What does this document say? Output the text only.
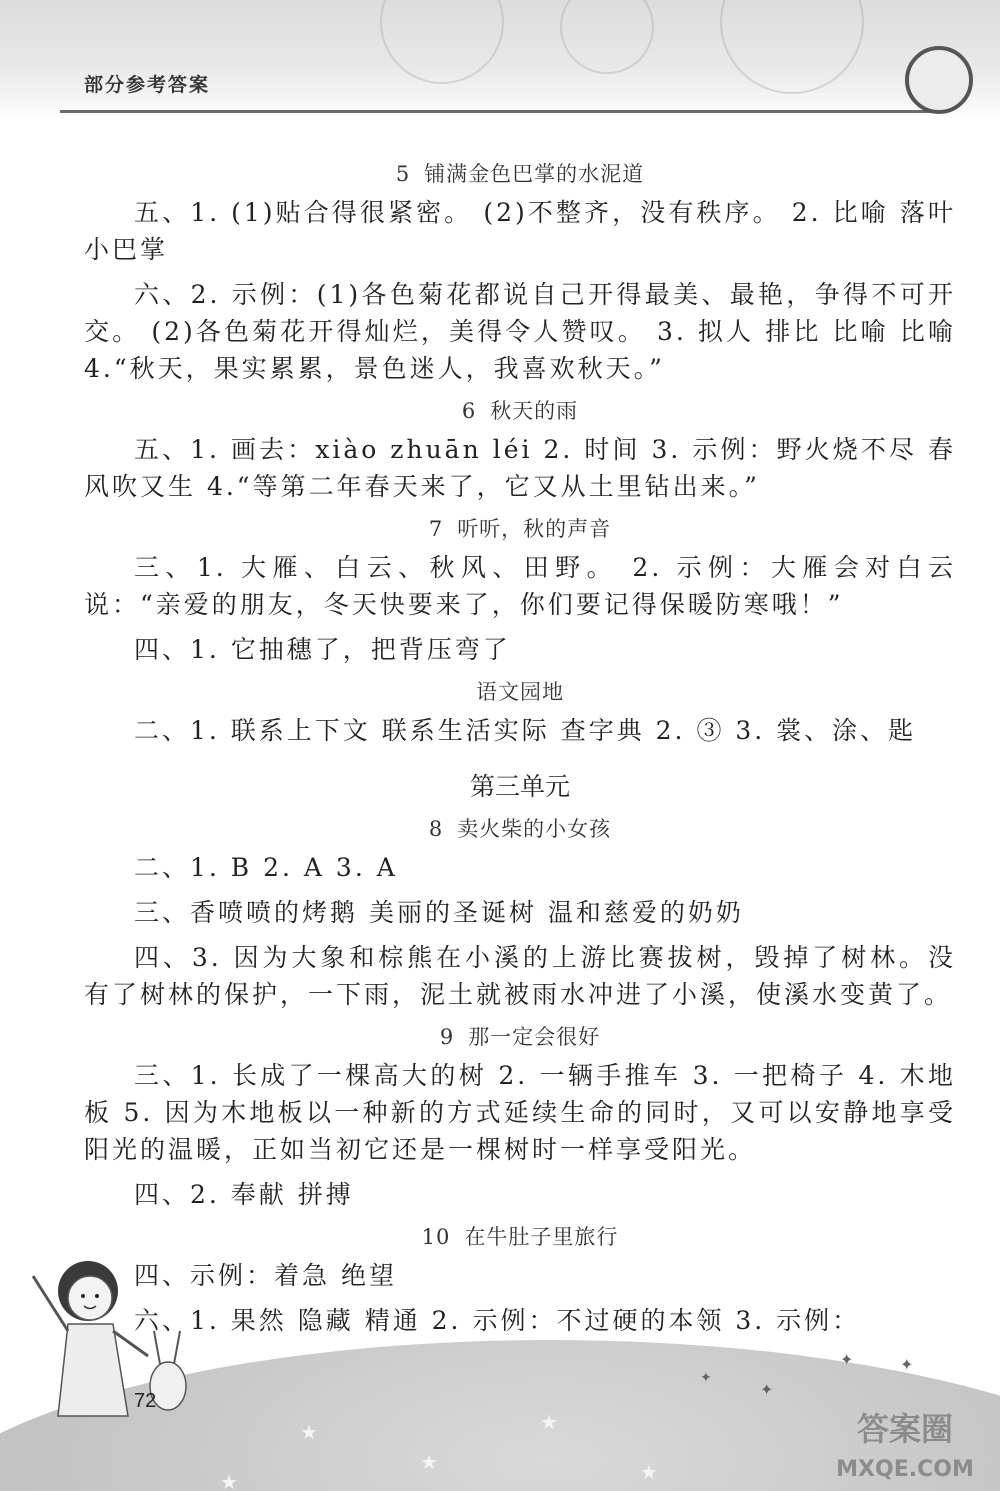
部分参考答案
5 铺满金色巴掌的水泥道
五、1. (1)贴合得很紧密。 (2)不整齐，没有秩序。 2. 比喻 落叶 小巴掌
六、2. 示例：(1)各色菊花都说自己开得最美、最艳，争得不可开交。 (2)各色菊花开得灿烂，美得令人赞叹。 3. 拟人 排比 比喻 比喻 4.“秋天，果实累累，景色迷人，我喜欢秋天。”
6 秋天的雨
五、1. 画去：xiào zhuān léi 2. 时间 3. 示例：野火烧不尽 春风吹又生 4.“等第二年春天来了，它又从土里钻出来。”
7 听听，秋的声音
三、1. 大雁、白云、秋风、田野。 2. 示例：大雁会对白云说：“亲爱的朋友，冬天快要来了，你们要记得保暖防寒哦！”
四、1. 它抽穗了，把背压弯了
语文园地
二、1. 联系上下文 联系生活实际 查字典 2. ③ 3. 裳、涂、匙
第三单元
8 卖火柴的小女孩
二、1. B 2. A 3. A
三、香喷喷的烤鹅 美丽的圣诞树 温和慈爱的奶奶
四、3. 因为大象和棕熊在小溪的上游比赛拔树，毁掉了树林。没有了树林的保护，一下雨，泥土就被雨水冲进了小溪，使溪水变黄了。
9 那一定会很好
三、1. 长成了一棵高大的树 2. 一辆手推车 3. 一把椅子 4. 木地板 5. 因为木地板以一种新的方式延续生命的同时，又可以安静地享受阳光的温暖，正如当初它还是一棵树时一样享受阳光。
四、2. 奉献 拼搏
10 在牛肚子里旅行
四、示例：着急 绝望
六、1. 果然 隐藏 精通 2. 示例：不过硬的本领 3. 示例：
★
★
★
★
★
✦
✦	✦
✦
72
答案圈
MXQE.COM
